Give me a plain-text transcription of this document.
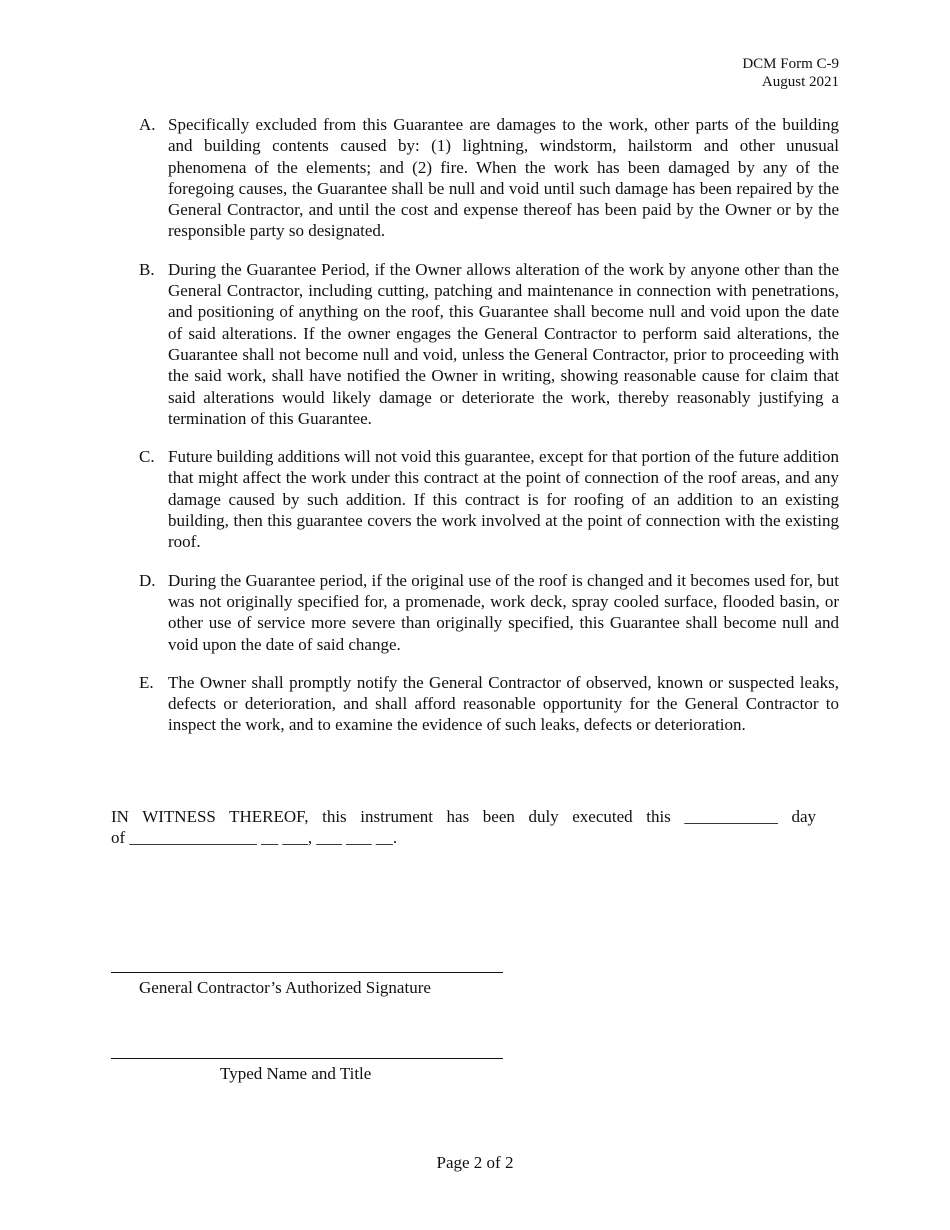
DCM Form C-9
August 2021
A. Specifically excluded from this Guarantee are damages to the work, other parts of the building and building contents caused by: (1) lightning, windstorm, hailstorm and other unusual phenomena of the elements; and (2) fire. When the work has been damaged by any of the foregoing causes, the Guarantee shall be null and void until such damage has been repaired by the General Contractor, and until the cost and expense thereof has been paid by the Owner or by the responsible party so designated.
B. During the Guarantee Period, if the Owner allows alteration of the work by anyone other than the General Contractor, including cutting, patching and maintenance in connection with penetrations, and positioning of anything on the roof, this Guarantee shall become null and void upon the date of said alterations. If the owner engages the General Contractor to perform said alterations, the Guarantee shall not become null and void, unless the General Contractor, prior to proceeding with the said work, shall have notified the Owner in writing, showing reasonable cause for claim that said alterations would likely damage or deteriorate the work, thereby reasonably justifying a termination of this Guarantee.
C. Future building additions will not void this guarantee, except for that portion of the future addition that might affect the work under this contract at the point of connection of the roof areas, and any damage caused by such addition. If this contract is for roofing of an addition to an existing building, then this guarantee covers the work involved at the point of connection with the existing roof.
D. During the Guarantee period, if the original use of the roof is changed and it becomes used for, but was not originally specified for, a promenade, work deck, spray cooled surface, flooded basin, or other use of service more severe than originally specified, this Guarantee shall become null and void upon the date of said change.
E. The Owner shall promptly notify the General Contractor of observed, known or suspected leaks, defects or deterioration, and shall afford reasonable opportunity for the General Contractor to inspect the work, and to examine the evidence of such leaks, defects or deterioration.
IN WITNESS THEREOF, this instrument has been duly executed this ___________ day
of _______________ __ ___, ___ ___ __.
General Contractor’s Authorized Signature
Typed Name and Title
Page 2 of 2
